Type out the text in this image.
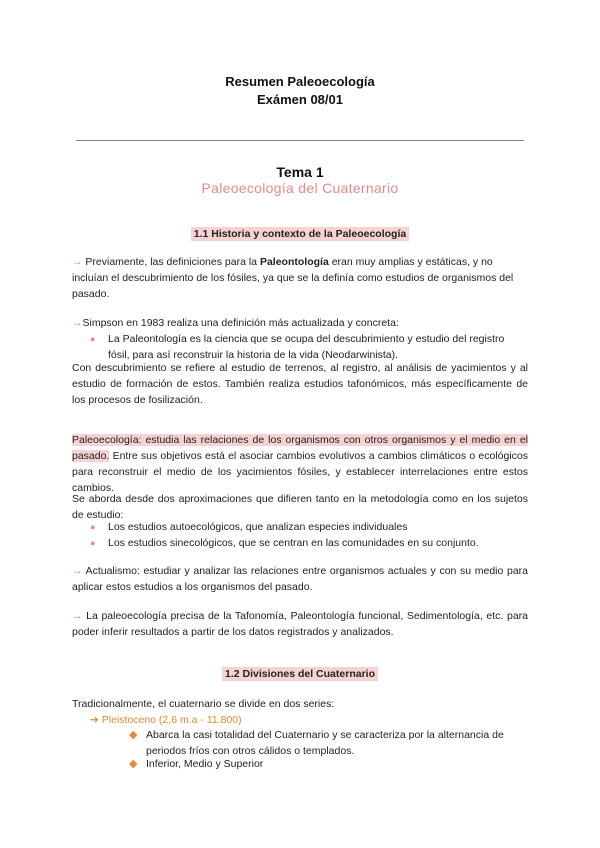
Resumen Paleoecología
Exámen 08/01
Tema 1
Paleoecología del Cuaternario
1.1 Historia y contexto de la Paleoecología
→ Previamente, las definiciones para la Paleontología eran muy amplias y estáticas, y no incluían el descubrimiento de los fósiles, ya que se la definía como estudios de organismos del pasado.
→Simpson en 1983 realiza una definición más actualizada y concreta:
● La Paleontología es la ciencia que se ocupa del descubrimiento y estudio del registro fósil, para así reconstruir la historia de la vida (Neodarwinista).
Con descubrimiento se refiere al estudio de terrenos, al registro, al análisis de yacimientos y al estudio de formación de estos. También realiza estudios tafonómicos, más específicamente de los procesos de fosilización.
Paleoecología: estudia las relaciones de los organismos con otros organismos y el medio en el pasado. Entre sus objetivos está el asociar cambios evolutivos a cambios climáticos o ecológicos para reconstruir el medio de los yacimientos fósiles, y establecer interrelaciones entre estos cambios.
Se aborda desde dos aproximaciones que difieren tanto en la metodología como en los sujetos de estudio:
● Los estudios autoecológicos, que analizan especies individuales
● Los estudios sinecológicos, que se centran en las comunidades en su conjunto.
→ Actualismo: estudiar y analizar las relaciones entre organismos actuales y con su medio para aplicar estos estudios a los organismos del pasado.
→ La paleoecología precisa de la Tafonomía, Paleontología funcional, Sedimentología, etc. para poder inferir resultados a partir de los datos registrados y analizados.
1.2 Divisiones del Cuaternario
Tradicionalmente, el cuaternario se divide en dos series:
➔ Pleistoceno (2,6 m.a - 11.800)
◆ Abarca la casi totalidad del Cuaternario y se caracteriza por la alternancia de periodos fríos con otros cálidos o templados.
◆ Inferior, Medio y Superior
